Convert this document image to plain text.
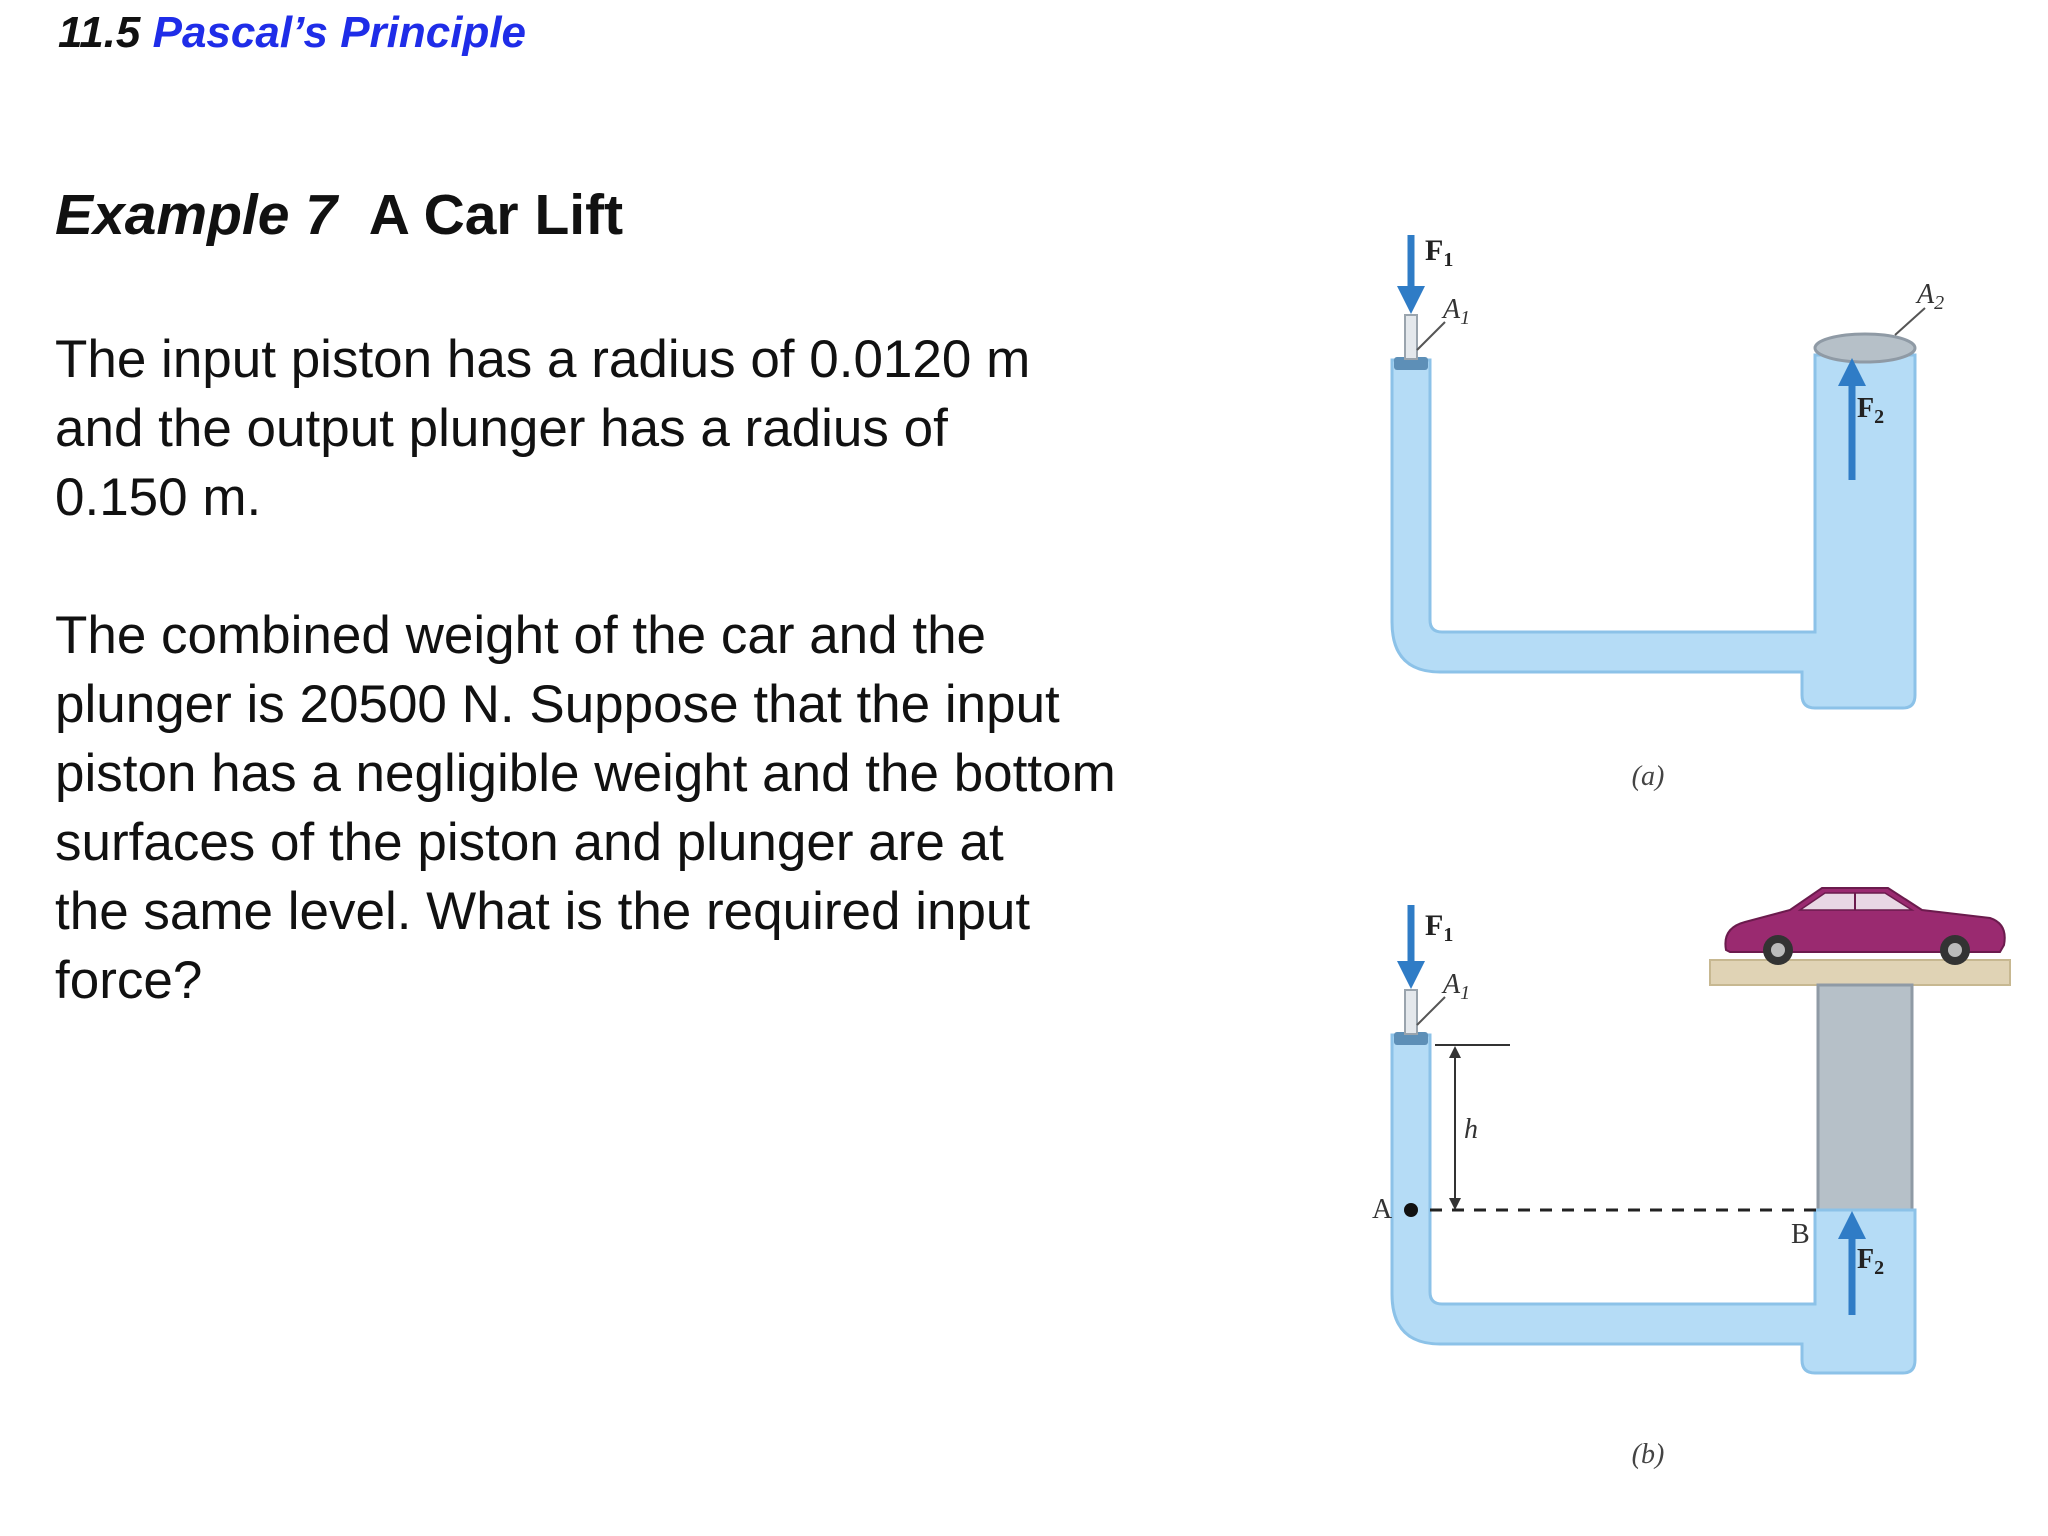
11.5 Pascal’s Principle
Example 7 A Car Lift

The input piston has a radius of 0.0120 m
and the output plunger has a radius of
0.150 m.

The combined weight of the car and the
plunger is 20500 N. Suppose that the input
piston has a negligible weight and the bottom
surfaces of the piston and plunger are at
the same level. What is the required input
force?

$F_1$
$A_1$
$A_2$
$F_2$
(a)
$F_1$
$A_1$
h
A
B
$F_2$
(b)
